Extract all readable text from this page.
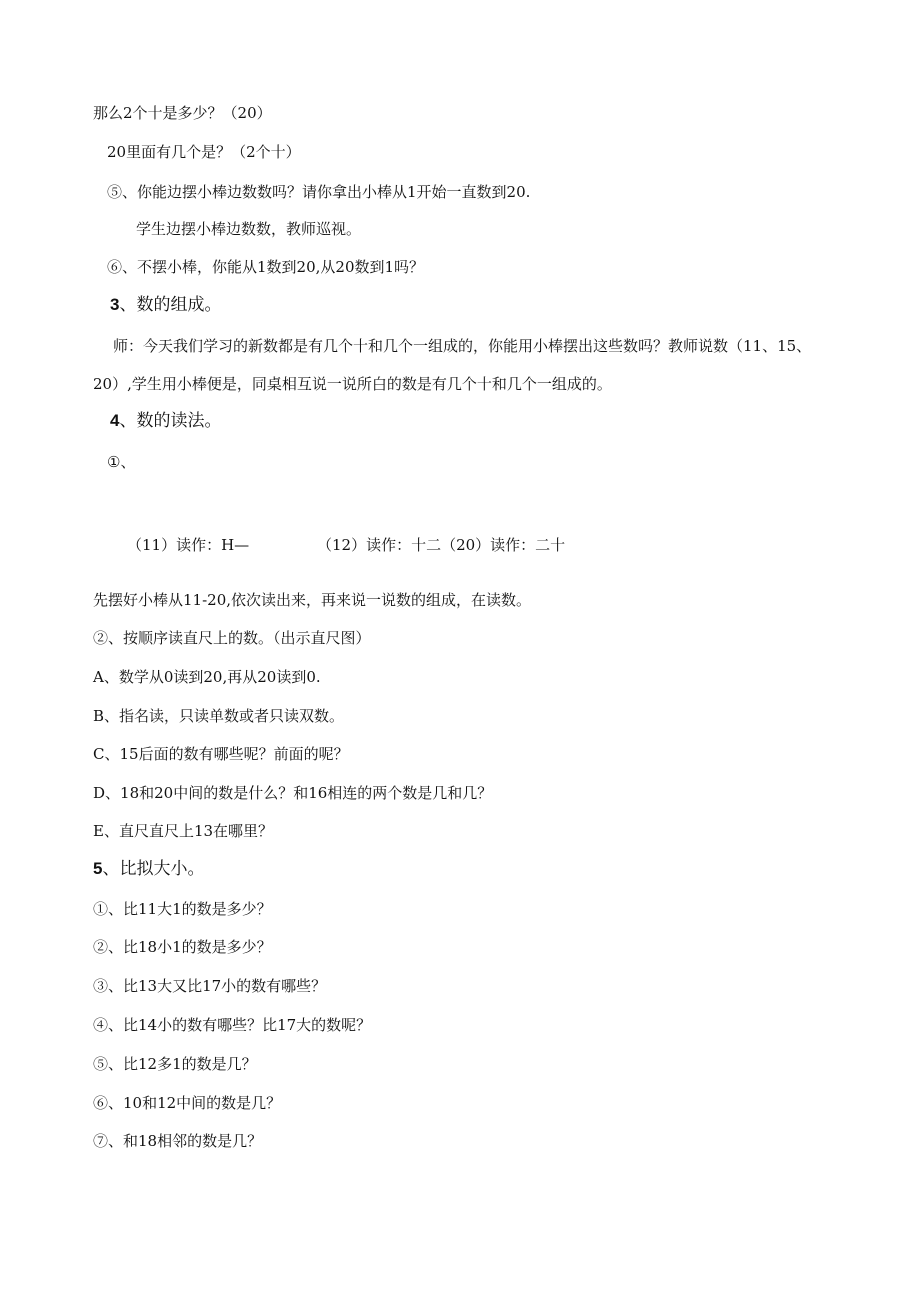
那么2个十是多少？（20）
20里面有几个是？（2个十）
⑤、你能边摆小棒边数数吗？请你拿出小棒从1开始一直数到20.
学生边摆小棒边数数，教师巡视。
⑥、不摆小棒，你能从1数到20,从20数到1吗？
3、数的组成。
师：今天我们学习的新数都是有几个十和几个一组成的，你能用小棒摆出这些数吗？教师说数（11、15、
20）,学生用小棒便是，同桌相互说一说所白的数是有几个十和几个一组成的。
4、数的读法。
①、
（11）读作：H—	（12）读作：十二（20）读作：二十
先摆好小棒从11-20,依次读出来，再来说一说数的组成，在读数。
②、按顺序读直尺上的数。（出示直尺图）
A、数学从0读到20,再从20读到0.
B、指名读，只读单数或者只读双数。
C、15后面的数有哪些呢？前面的呢？
D、18和20中间的数是什么？和16相连的两个数是几和几？
E、直尺直尺上13在哪里？
5、比拟大小。
①、比11大1的数是多少？
②、比18小1的数是多少？
③、比13大又比17小的数有哪些？
④、比14小的数有哪些？比17大的数呢？
⑤、比12多1的数是几？
⑥、10和12中间的数是几？
⑦、和18相邻的数是几？
